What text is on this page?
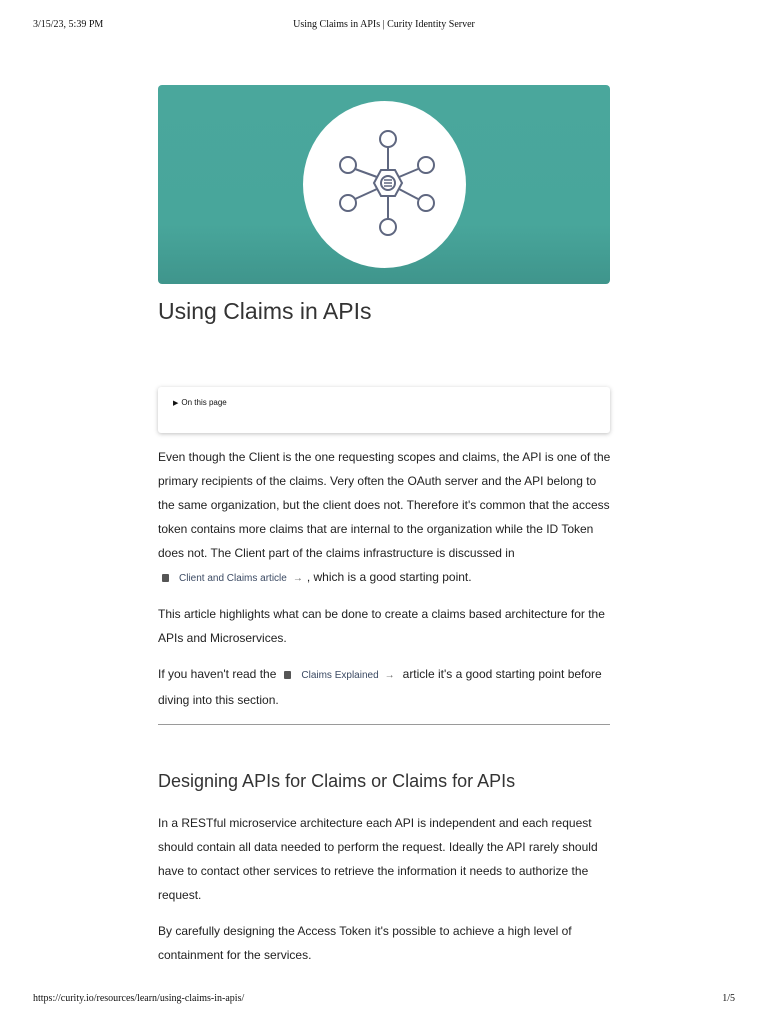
3/15/23, 5:39 PM	Using Claims in APIs | Curity Identity Server
Using Claims in APIs
▶ On this page

Even though the Client is the one requesting scopes and claims, the API is one of the primary recipients of the claims. Very often the OAuth server and the API belong to the same organization, but the client does not. Therefore it's common that the access token contains more claims that are internal to the organization while the ID Token does not. The Client part of the claims infrastructure is discussed inClient and Claims article → , which is a good starting point.

This article highlights what can be done to create a claims based architecture for the APIs and Microservices.

If you haven't read the	Claims Explained → article it's a good starting point before diving into this section.

Designing APIs for Claims or Claims for APIs

In a RESTful microservice architecture each API is independent and each request should contain all data needed to perform the request. Ideally the API rarely should have to contact other services to retrieve the information it needs to authorize the request.

By carefully designing the Access Token it's possible to achieve a high level of containment for the services.

https://curity.io/resources/learn/using-claims-in-apis/	1/5
